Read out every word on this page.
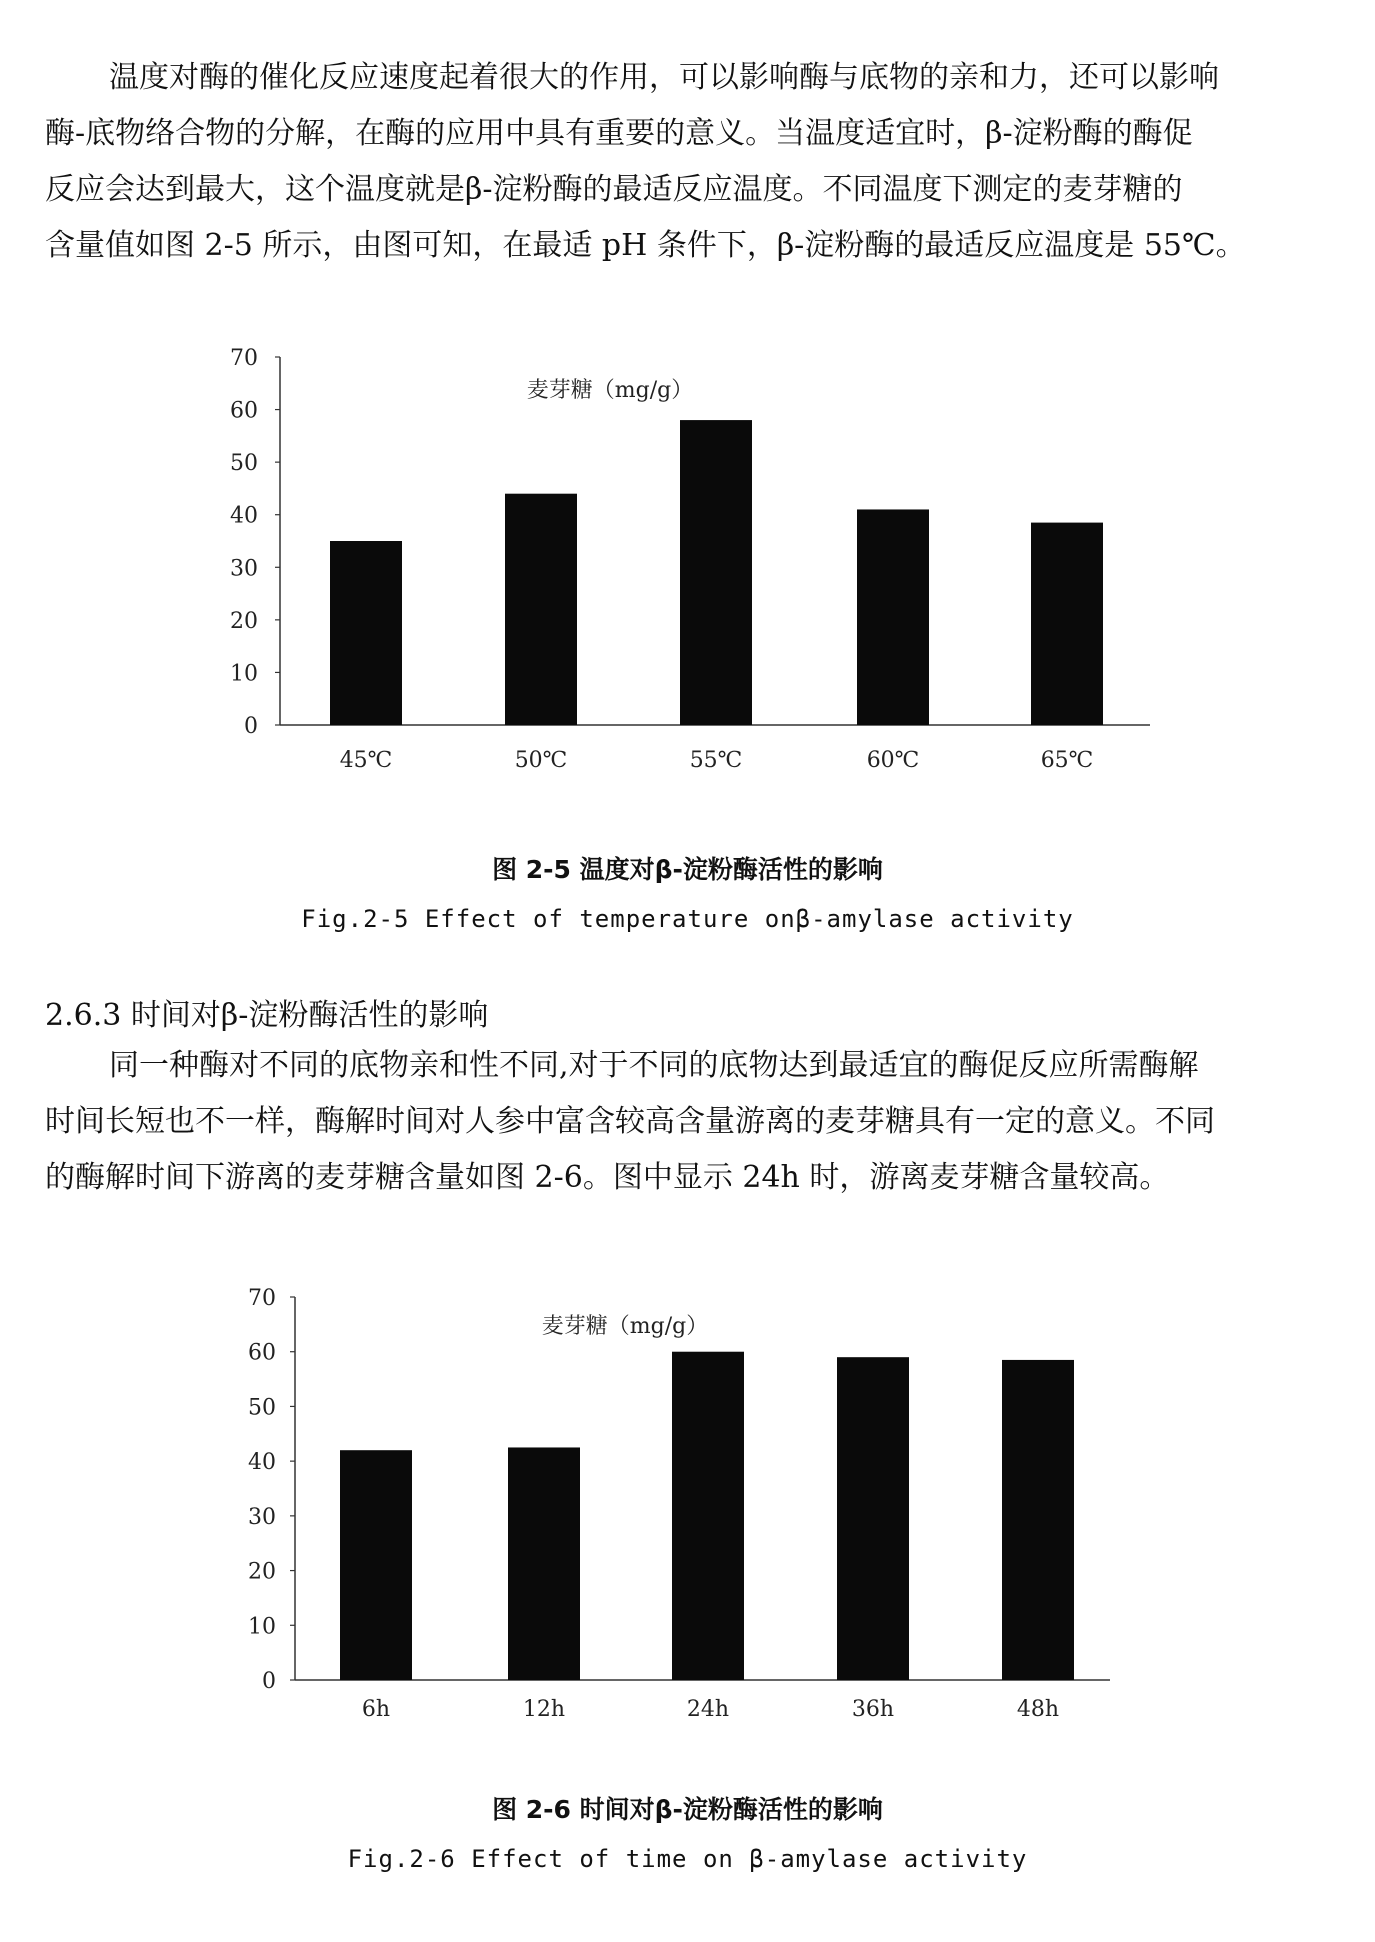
温度对酶的催化反应速度起着很大的作用，可以影响酶与底物的亲和力，还可以影响
酶-底物络合物的分解，在酶的应用中具有重要的意义。当温度适宜时，β-淀粉酶的酶促
反应会达到最大，这个温度就是β-淀粉酶的最适反应温度。不同温度下测定的麦芽糖的
含量值如图 2-5 所示，由图可知，在最适 pH 条件下，β-淀粉酶的最适反应温度是 55℃。
0
10
20
30
40
50
60
70
麦芽糖（mg/g）
45℃	50℃	55℃	60℃	65℃
图 2-5 温度对β-淀粉酶活性的影响
Fig.2-5 Effect of temperature onβ-amylase activity
2.6.3 时间对β-淀粉酶活性的影响
同一种酶对不同的底物亲和性不同,对于不同的底物达到最适宜的酶促反应所需酶解
时间长短也不一样，酶解时间对人参中富含较高含量游离的麦芽糖具有一定的意义。不同
的酶解时间下游离的麦芽糖含量如图 2-6。图中显示 24h 时，游离麦芽糖含量较高。
0
10
20
30
40
50
60
70
麦芽糖（mg/g）
6h	12h	24h	36h	48h
图 2-6 时间对β-淀粉酶活性的影响
Fig.2-6 Effect of time on β-amylase activity
